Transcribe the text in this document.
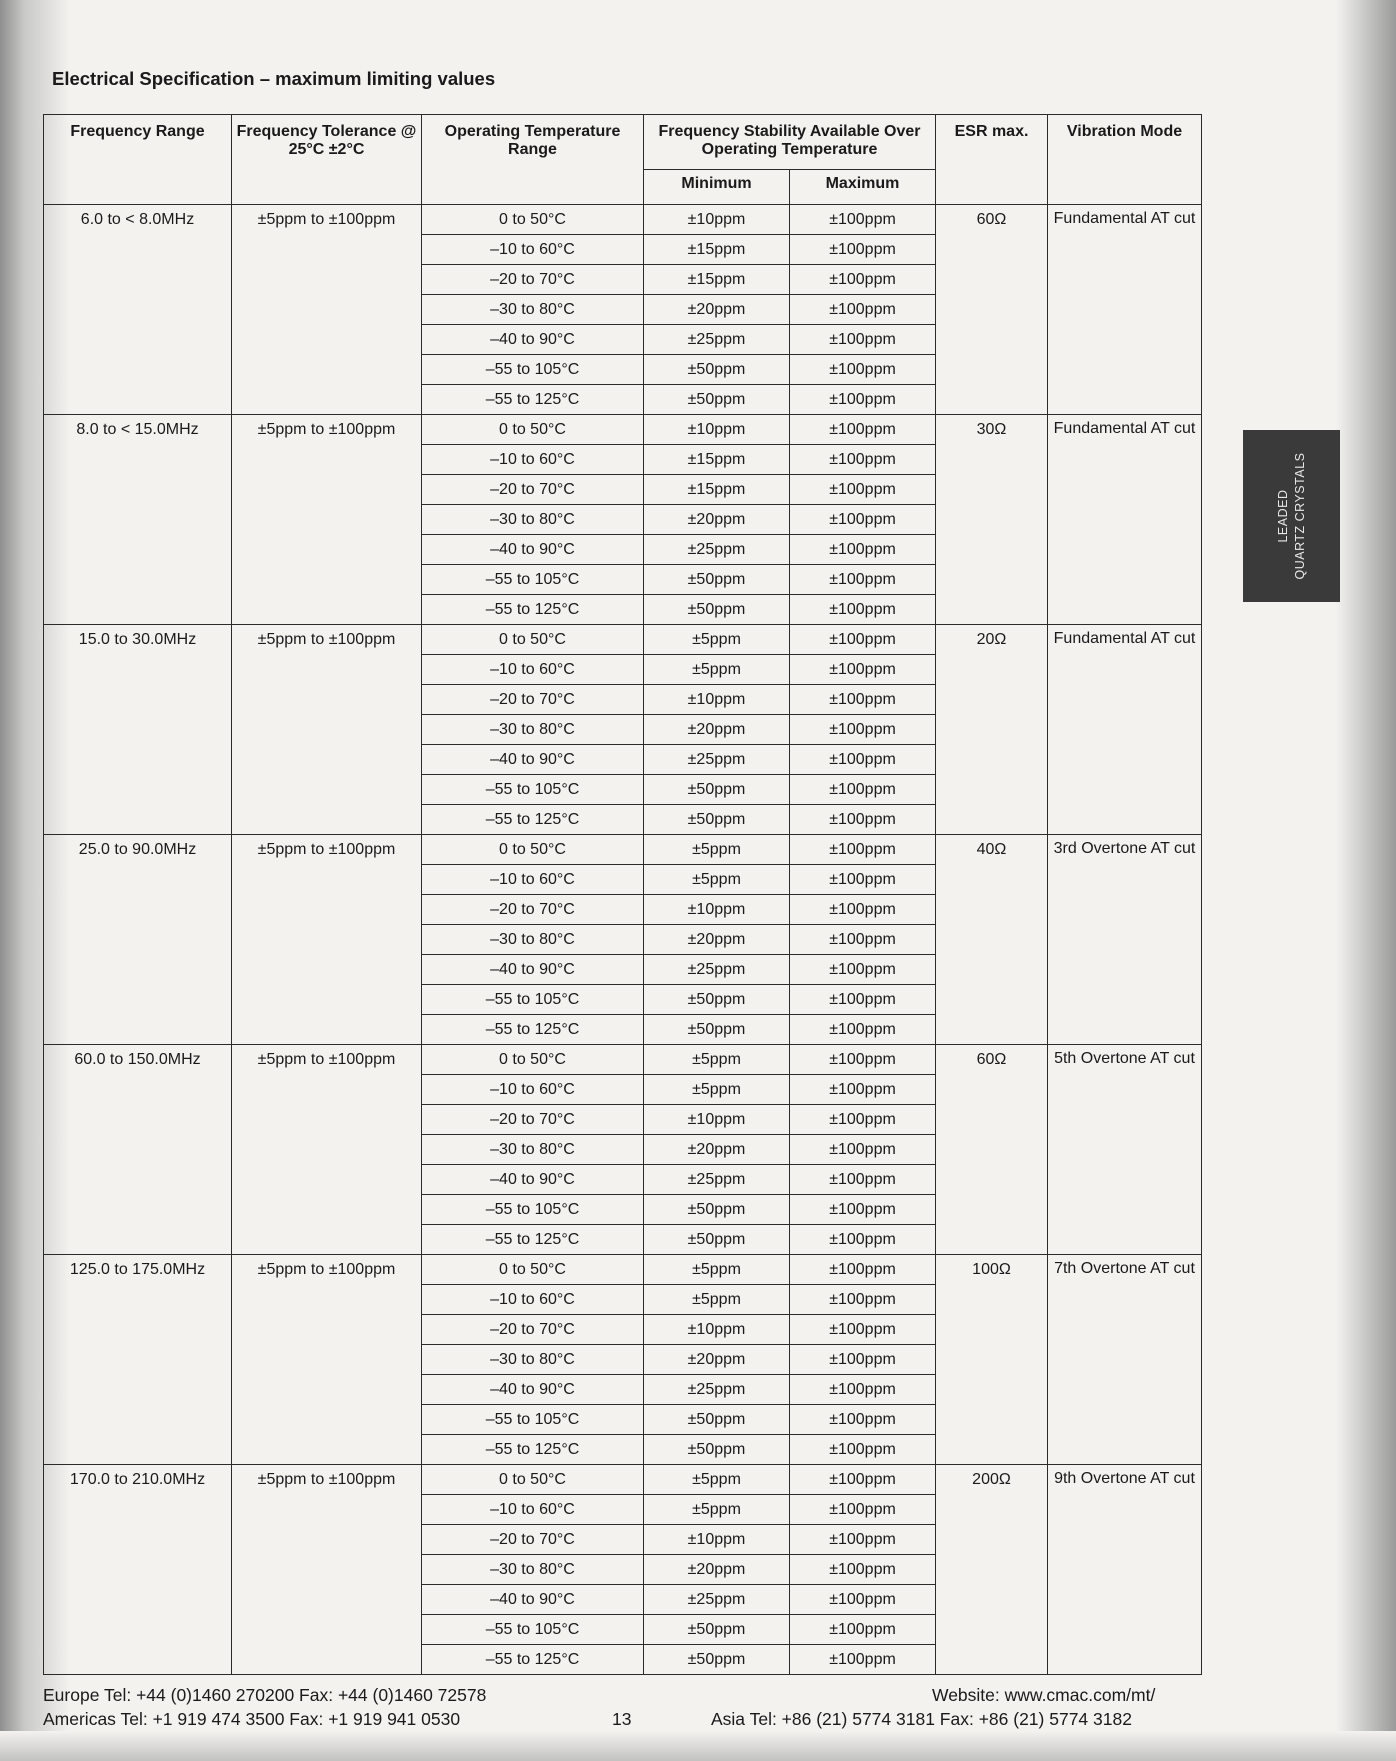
Electrical Specification – maximum limiting values
Frequency Range	Frequency Tolerance @ 25°C ±2°C	Operating Temperature Range	Frequency Stability Available Over Operating Temperature		ESR max.	Vibration Mode
			Minimum	Maximum		
6.0 to < 8.0MHz	±5ppm to ±100ppm	0 to 50°C	±10ppm	±100ppm	60Ω	Fundamental AT cut
		–10 to 60°C	±15ppm	±100ppm		
		–20 to 70°C	±15ppm	±100ppm		
		–30 to 80°C	±20ppm	±100ppm		
		–40 to 90°C	±25ppm	±100ppm		
		–55 to 105°C	±50ppm	±100ppm		
		–55 to 125°C	±50ppm	±100ppm		
8.0 to < 15.0MHz	±5ppm to ±100ppm	0 to 50°C	±10ppm	±100ppm	30Ω	Fundamental AT cut
		–10 to 60°C	±15ppm	±100ppm		
		–20 to 70°C	±15ppm	±100ppm		
		–30 to 80°C	±20ppm	±100ppm		
		–40 to 90°C	±25ppm	±100ppm		
		–55 to 105°C	±50ppm	±100ppm		
		–55 to 125°C	±50ppm	±100ppm		
15.0 to 30.0MHz	±5ppm to ±100ppm	0 to 50°C	±5ppm	±100ppm	20Ω	Fundamental AT cut
		–10 to 60°C	±5ppm	±100ppm		
		–20 to 70°C	±10ppm	±100ppm		
		–30 to 80°C	±20ppm	±100ppm		
		–40 to 90°C	±25ppm	±100ppm		
		–55 to 105°C	±50ppm	±100ppm		
		–55 to 125°C	±50ppm	±100ppm		
25.0 to 90.0MHz	±5ppm to ±100ppm	0 to 50°C	±5ppm	±100ppm	40Ω	3rd Overtone AT cut
		–10 to 60°C	±5ppm	±100ppm		
		–20 to 70°C	±10ppm	±100ppm		
		–30 to 80°C	±20ppm	±100ppm		
		–40 to 90°C	±25ppm	±100ppm		
		–55 to 105°C	±50ppm	±100ppm		
		–55 to 125°C	±50ppm	±100ppm		
60.0 to 150.0MHz	±5ppm to ±100ppm	0 to 50°C	±5ppm	±100ppm	60Ω	5th Overtone AT cut
		–10 to 60°C	±5ppm	±100ppm		
		–20 to 70°C	±10ppm	±100ppm		
		–30 to 80°C	±20ppm	±100ppm		
		–40 to 90°C	±25ppm	±100ppm		
		–55 to 105°C	±50ppm	±100ppm		
		–55 to 125°C	±50ppm	±100ppm		
125.0 to 175.0MHz	±5ppm to ±100ppm	0 to 50°C	±5ppm	±100ppm	100Ω	7th Overtone AT cut
		–10 to 60°C	±5ppm	±100ppm		
		–20 to 70°C	±10ppm	±100ppm		
		–30 to 80°C	±20ppm	±100ppm		
		–40 to 90°C	±25ppm	±100ppm		
		–55 to 105°C	±50ppm	±100ppm		
		–55 to 125°C	±50ppm	±100ppm		
170.0 to 210.0MHz	±5ppm to ±100ppm	0 to 50°C	±5ppm	±100ppm	200Ω	9th Overtone AT cut
		–10 to 60°C	±5ppm	±100ppm		
		–20 to 70°C	±10ppm	±100ppm		
		–30 to 80°C	±20ppm	±100ppm		
		–40 to 90°C	±25ppm	±100ppm		
		–55 to 105°C	±50ppm	±100ppm		
		–55 to 125°C	±50ppm	±100ppm		
LEADED QUARTZ CRYSTALS

Europe Tel: +44 (0)1460 270200 Fax: +44 (0)1460 72578

Americas Tel: +1 919 474 3500 Fax: +1 919 941 0530	13

Website: www.cmac.com/mt/

Asia Tel: +86 (21) 5774 3181 Fax: +86 (21) 5774 3182
